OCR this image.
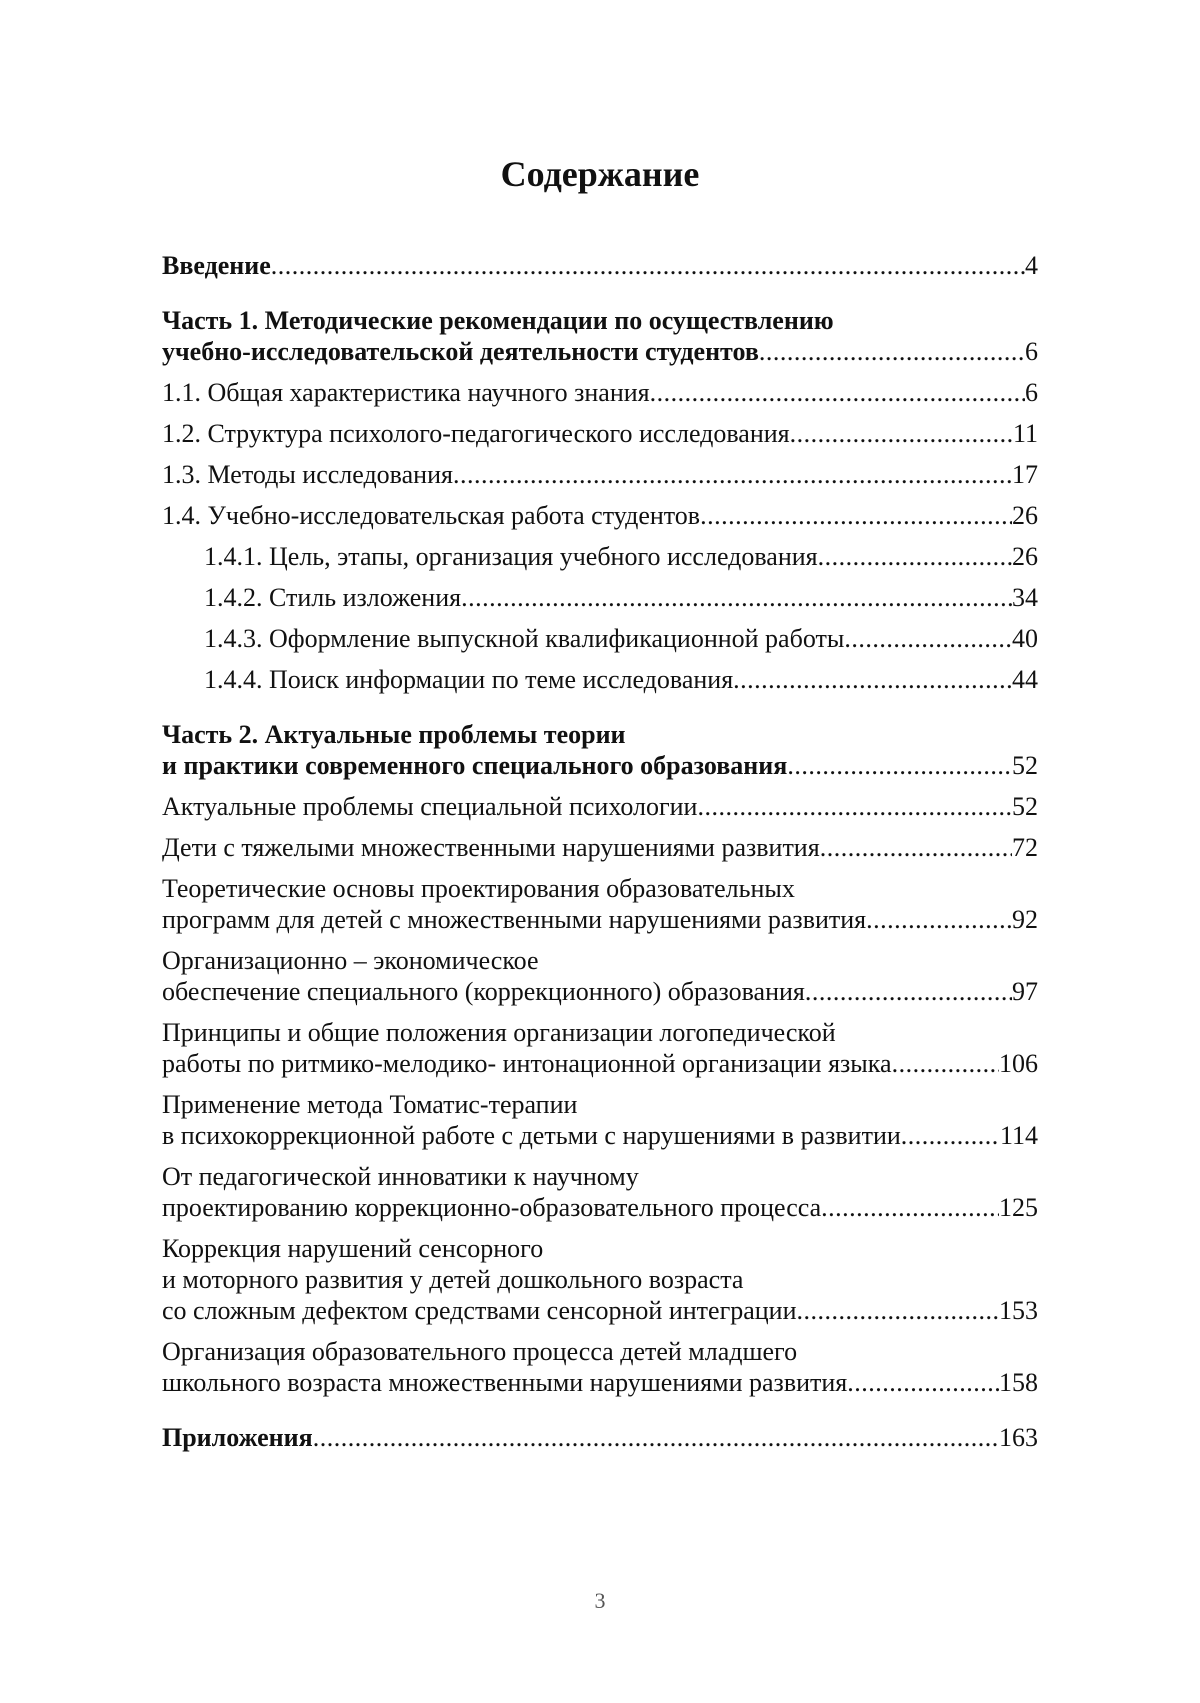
Содержание
Введение .....	4
Часть 1. Методические рекомендации по осуществлению
учебно-исследовательской деятельности студентов .....	6
1.1. Общая характеристика научного знания .....	6
1.2. Структура психолого-педагогического исследования .....	11
1.3. Методы исследования .....	17
1.4. Учебно-исследовательская работа студентов .....	26
1.4.1. Цель, этапы, организация учебного исследования .....	26
1.4.2. Стиль изложения .....	34
1.4.3. Оформление выпускной квалификационной работы .....	40
1.4.4. Поиск информации по теме исследования .....	44
Часть 2. Актуальные проблемы теории
и практики современного специального образования .....	52
Актуальные проблемы специальной психологии .....	52
Дети с тяжелыми множественными нарушениями развития .....	72
Теоретические основы проектирования образовательных
программ для детей с множественными нарушениями развития .....	92
Организационно – экономическое
обеспечение специального (коррекционного) образования .....	97
Принципы и общие положения организации логопедической
работы по ритмико-мелодико- интонационной организации языка .....	106
Применение метода Томатис-терапии
в психокоррекционной работе с детьми с нарушениями в развитии .....	114
От педагогической инноватики к научному
проектированию коррекционно-образовательного процесса .....	125
Коррекция нарушений сенсорного
и моторного развития у детей дошкольного возраста
со сложным дефектом средствами сенсорной интеграции .....	153
Организация образовательного процесса детей младшего
школьного возраста множественными нарушениями развития .....	158
Приложения .....	163
3
